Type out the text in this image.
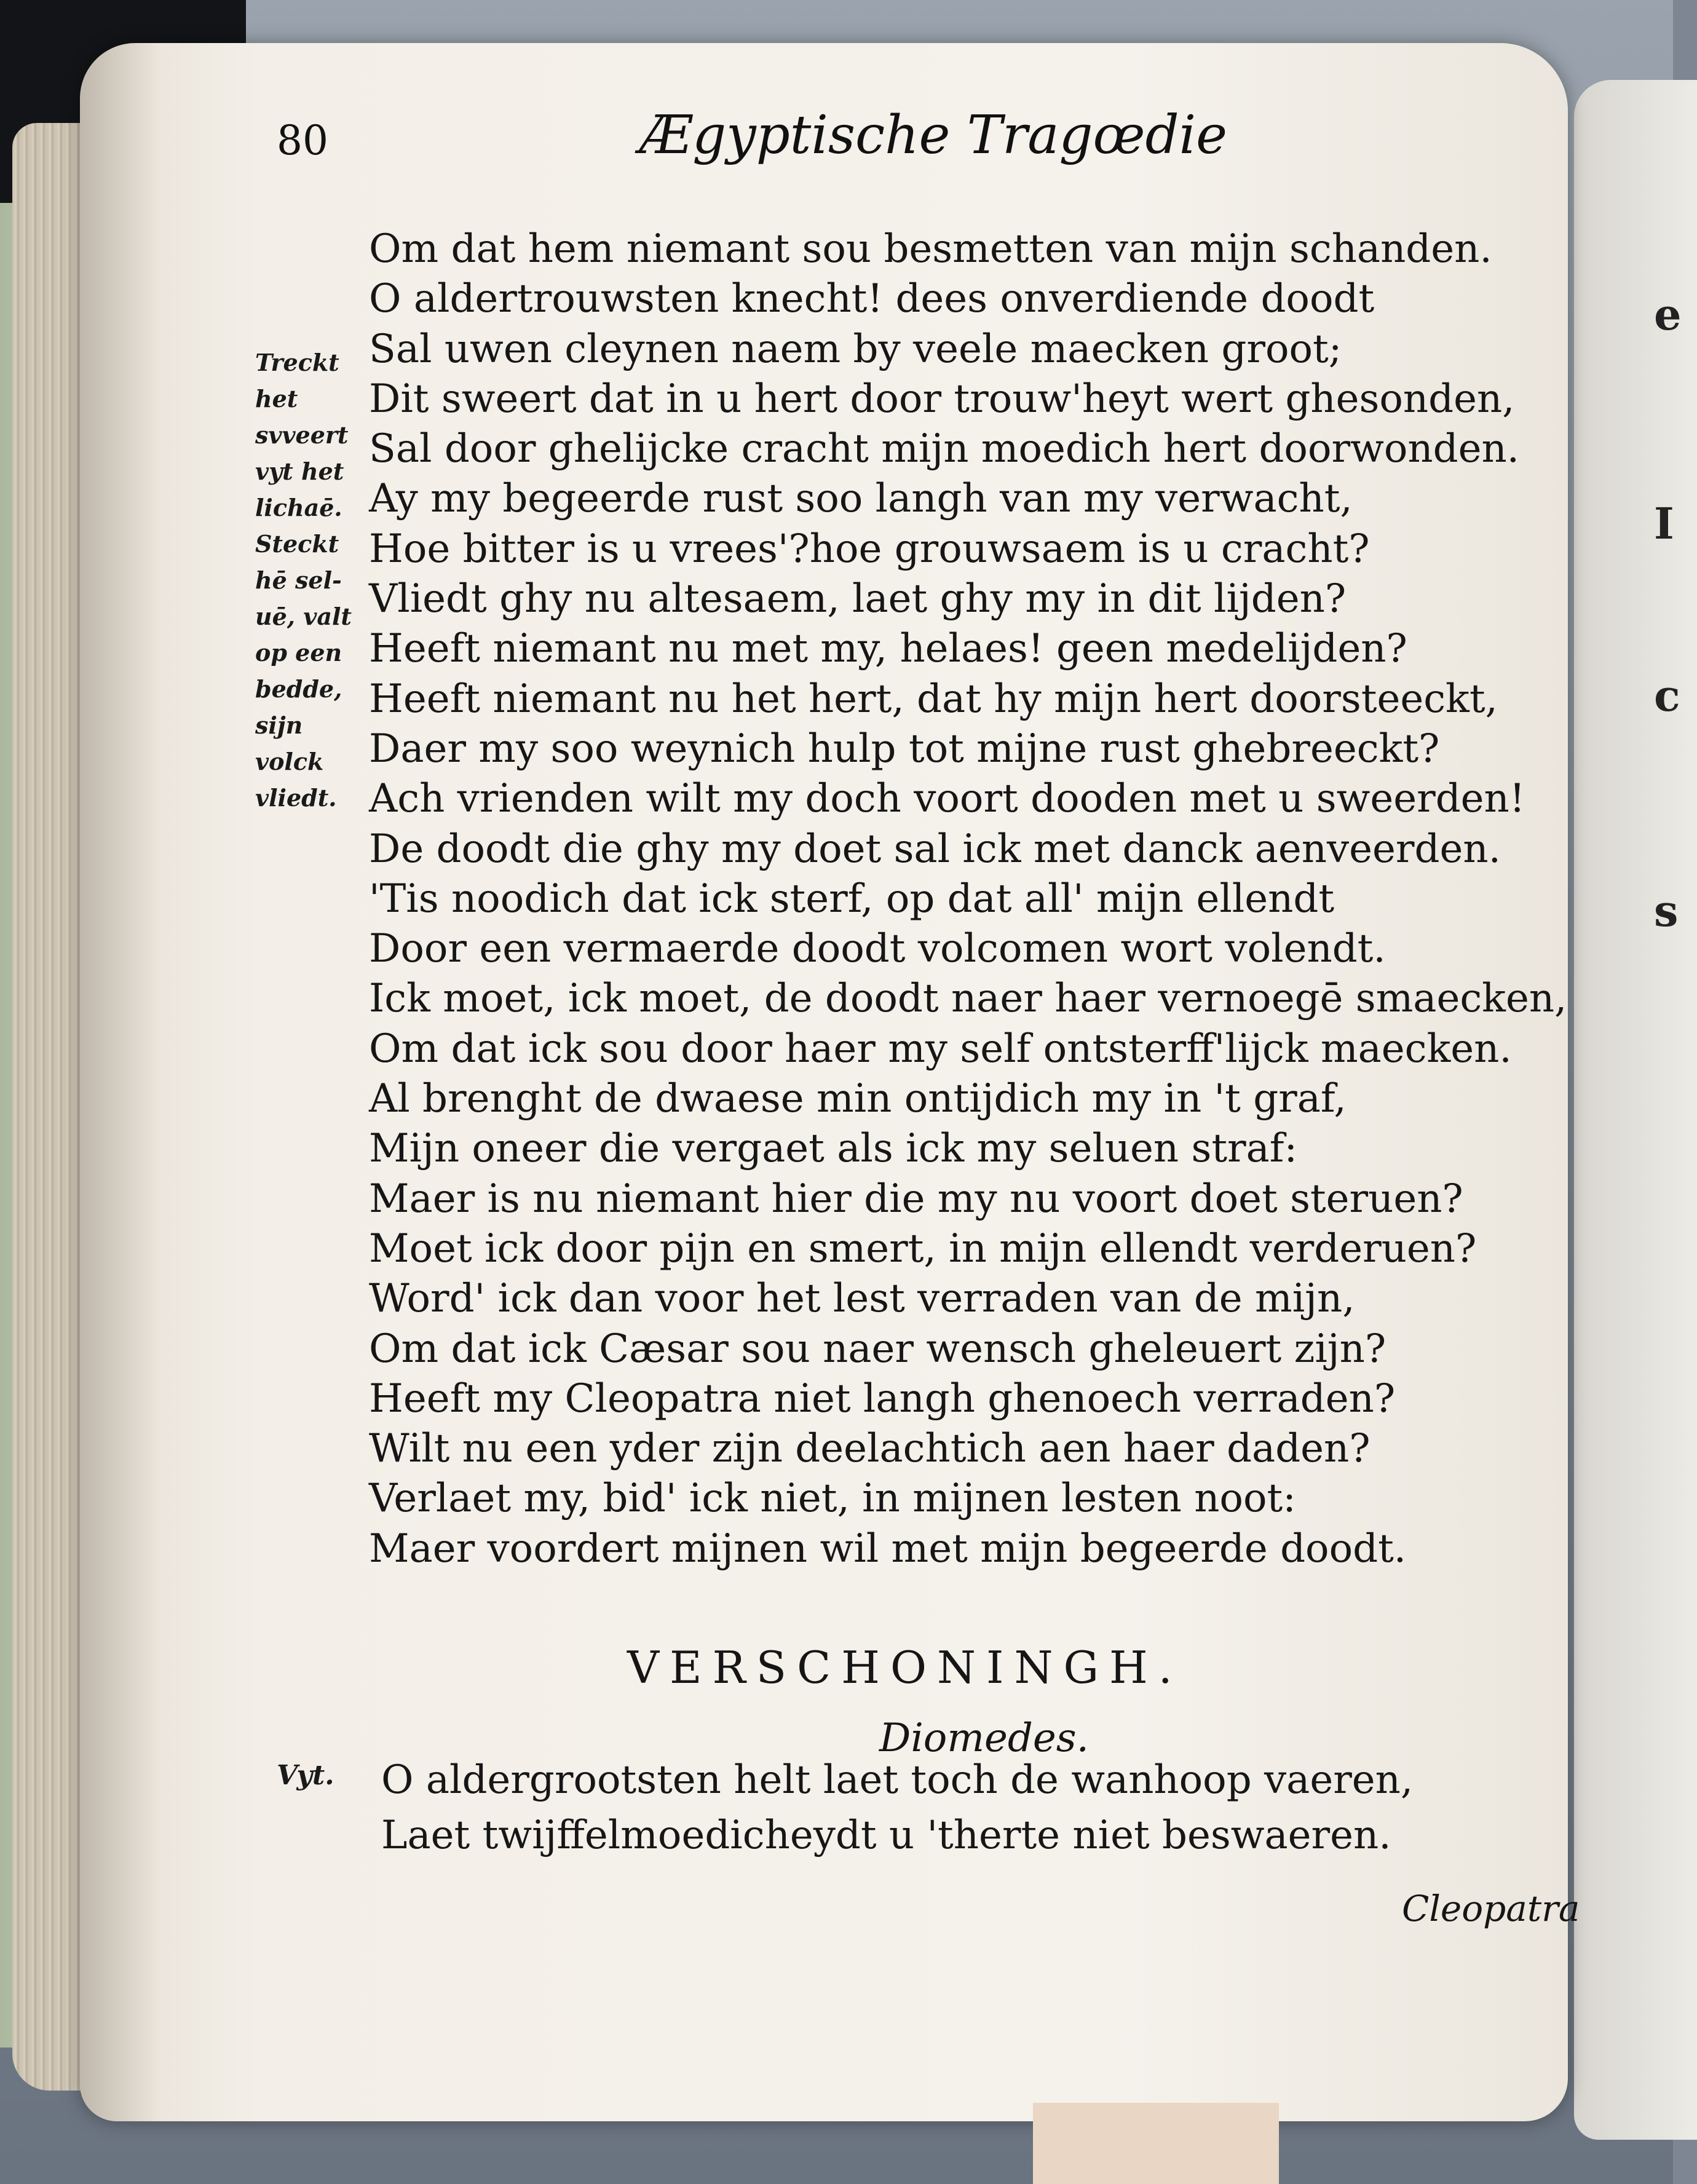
e
I
c
s
80	Ægyptische Tragœdie
Treckt
het
svveert
vyt het
lichaē.
Steckt
hē sel-
uē, valt
op een
bedde,
sijn
volck
vliedt.
Om dat hem niemant sou besmetten van mijn schanden.
O aldertrouwsten knecht! dees onverdiende doodt
Sal uwen cleynen naem by veele maecken groot;
Dit sweert dat in u hert door trouw'heyt wert ghesonden,
Sal door ghelijcke cracht mijn moedich hert doorwonden.
Ay my begeerde rust soo langh van my verwacht,
Hoe bitter is u vrees'?hoe grouwsaem is u cracht?
Vliedt ghy nu altesaem, laet ghy my in dit lijden?
Heeft niemant nu met my, helaes! geen medelijden?
Heeft niemant nu het hert, dat hy mijn hert doorsteeckt,
Daer my soo weynich hulp tot mijne rust ghebreeckt?
Ach vrienden wilt my doch voort dooden met u sweerden!
De doodt die ghy my doet sal ick met danck aenveerden.
'Tis noodich dat ick sterf, op dat all' mijn ellendt
Door een vermaerde doodt volcomen wort volendt.
Ick moet, ick moet, de doodt naer haer vernoegē smaecken,
Om dat ick sou door haer my self ontsterff'lijck maecken.
Al brenght de dwaese min ontijdich my in 't graf,
Mijn oneer die vergaet als ick my seluen straf:
Maer is nu niemant hier die my nu voort doet steruen?
Moet ick door pijn en smert, in mijn ellendt verderuen?
Word' ick dan voor het lest verraden van de mijn,
Om dat ick Cæsar sou naer wensch gheleuert zijn?
Heeft my Cleopatra niet langh ghenoech verraden?
Wilt nu een yder zijn deelachtich aen haer daden?
Verlaet my, bid' ick niet, in mijnen lesten noot:
Maer voordert mijnen wil met mijn begeerde doodt.
VERSCHONINGH.
Diomedes.
Vyt. O aldergrootsten helt laet toch de wanhoop vaeren,
Laet twijffelmoedicheydt u 'therte niet beswaeren.
Cleopatra
